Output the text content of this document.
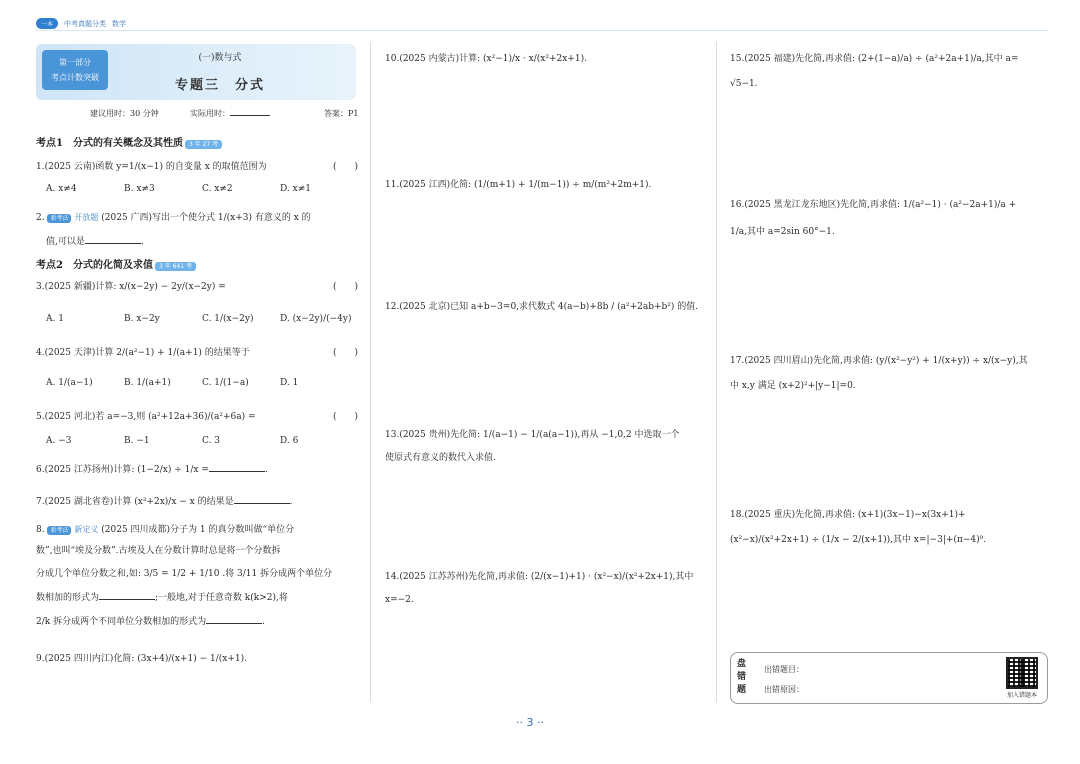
一本	中考真题分类 数学
第一部分
考点计数突破
(一)数与式
专题三　分式
建议用时：30 分钟	实际用时：	答案：P1
考点1　分式的有关概念及其性质 3 年 27 考
1.(2025 云南)函数 y=1/(x−1) 的自变量 x 的取值范围为	(　　)
A. x≠4	B. x≠3	C. x≠2	D. x≠1
2. 新考法 开放题 (2025 广西)写出一个使分式 1/(x+3) 有意义的 x 的
值,可以是	.
考点2　分式的化简及求值 3 年 641 考
3.(2025 新疆)计算: x/(x−2y) − 2y/(x−2y) =	(　　)
A. 1	B. x−2y	C. 1/(x−2y)	D. (x−2y)/(−4y)
4.(2025 天津)计算 2/(a²−1) + 1/(a+1) 的结果等于	(　　)
A. 1/(a−1)	B. 1/(a+1)	C. 1/(1−a)	D. 1
5.(2025 河北)若 a=−3,则 (a²+12a+36)/(a²+6a) =	(　　)
A. −3	B. −1	C. 3	D. 6
6.(2025 江苏扬州)计算: (1−2/x) ÷ 1/x =	.
7.(2025 湖北省卷)计算 (x²+2x)/x − x 的结果是	.
8. 新考法 新定义 (2025 四川成都)分子为 1 的真分数叫做“单位分
数”,也叫“埃及分数”.古埃及人在分数计算时总是将一个分数拆
分成几个单位分数之和,如: 3/5 = 1/2 + 1/10 .将 3/11 拆分成两个单位分
数相加的形式为	;一般地,对于任意奇数 k(k>2),将
2/k 拆分成两个不同单位分数相加的形式为	.
9.(2025 四川内江)化简: (3x+4)/(x+1) − 1/(x+1).
10.(2025 内蒙古)计算: (x²−1)/x · x/(x²+2x+1).
11.(2025 江西)化简: (1/(m+1) + 1/(m−1)) ÷ m/(m²+2m+1).
12.(2025 北京)已知 a+b−3=0,求代数式 4(a−b)+8b / (a²+2ab+b²) 的值.
13.(2025 贵州)先化简: 1/(a−1) − 1/(a(a−1)),再从 −1,0,2 中选取一个
使原式有意义的数代入求值.
14.(2025 江苏苏州)先化简,再求值: (2/(x−1)+1) · (x²−x)/(x²+2x+1),其中
x=−2.
15.(2025 福建)先化简,再求值: (2+(1−a)/a) ÷ (a²+2a+1)/a,其中 a=
√5−1.
16.(2025 黑龙江龙东地区)先化简,再求值: 1/(a²−1) · (a²−2a+1)/a +
1/a,其中 a=2sin 60°−1.
17.(2025 四川眉山)先化简,再求值: (y/(x²−y²) + 1/(x+y)) ÷ x/(x−y),其
中 x,y 满足 (x+2)²+|y−1|=0.
18.(2025 重庆)先化简,再求值: (x+1)(3x−1)−x(3x+1)+
(x²−x)/(x²+2x+1) ÷ (1/x − 2/(x+1)),其中 x=|−3|+(π−4)⁰.
盘错题
出错题目：
出错原因：
加入错题本
·· 3 ··
